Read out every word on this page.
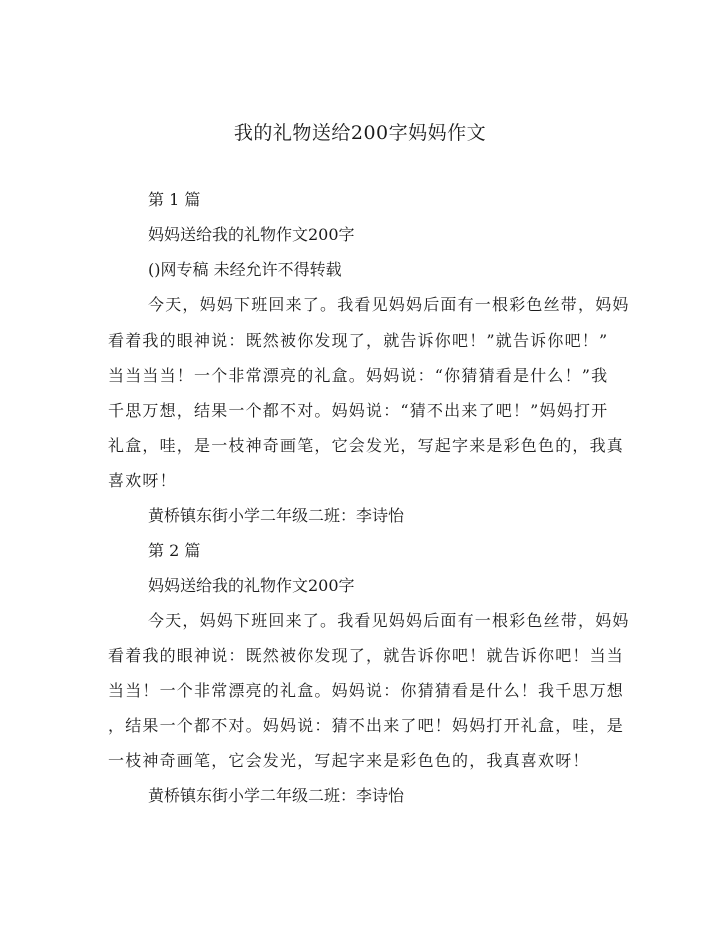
我的礼物送给200字妈妈作文
第 1 篇
妈妈送给我的礼物作文200字
()网专稿 未经允许不得转载
今天，妈妈下班回来了。我看见妈妈后面有一根彩色丝带，妈妈
看着我的眼神说：既然被你发现了，就告诉你吧！”就告诉你吧！”
当当当当！一个非常漂亮的礼盒。妈妈说：“你猜猜看是什么！”我
千思万想，结果一个都不对。妈妈说：“猜不出来了吧！”妈妈打开
礼盒，哇，是一枝神奇画笔，它会发光，写起字来是彩色色的，我真
喜欢呀！
黄桥镇东街小学二年级二班：李诗怡
第 2 篇
妈妈送给我的礼物作文200字
今天，妈妈下班回来了。我看见妈妈后面有一根彩色丝带，妈妈
看着我的眼神说：既然被你发现了，就告诉你吧！就告诉你吧！当当
当当！一个非常漂亮的礼盒。妈妈说：你猜猜看是什么！我千思万想
，结果一个都不对。妈妈说：猜不出来了吧！妈妈打开礼盒，哇，是
一枝神奇画笔，它会发光，写起字来是彩色色的，我真喜欢呀！
黄桥镇东街小学二年级二班：李诗怡
